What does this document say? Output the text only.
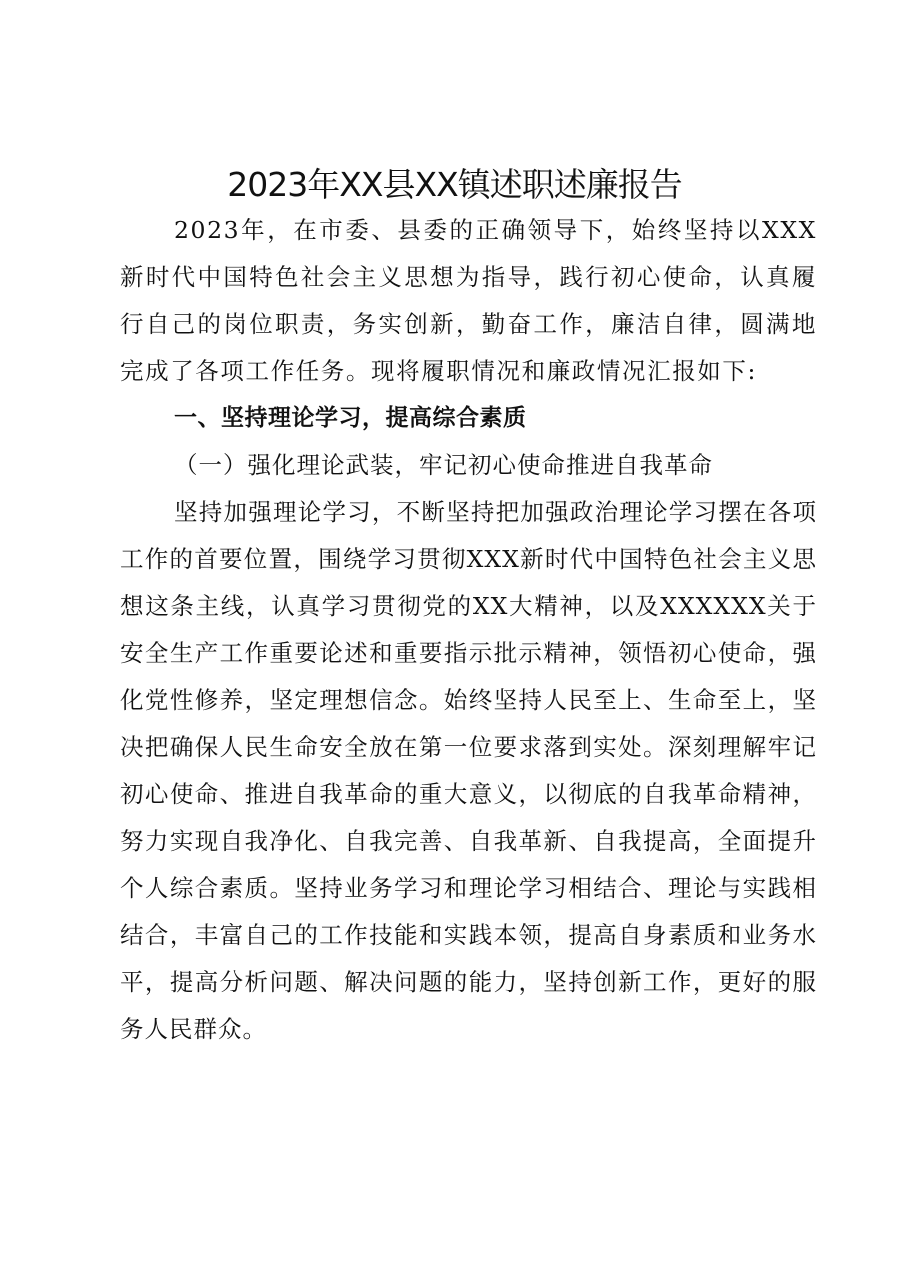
2023年XX县XX镇述职述廉报告

2023年，在市委、县委的正确领导下，始终坚持以XXX新时代中国特色社会主义思想为指导，践行初心使命，认真履行自己的岗位职责，务实创新，勤奋工作，廉洁自律，圆满地完成了各项工作任务。现将履职情况和廉政情况汇报如下:

一、坚持理论学习，提高综合素质

（一）强化理论武装，牢记初心使命推进自我革命

坚持加强理论学习，不断坚持把加强政治理论学习摆在各项工作的首要位置，围绕学习贯彻XXX新时代中国特色社会主义思想这条主线，认真学习贯彻党的XX大精神，以及XXXXXX关于安全生产工作重要论述和重要指示批示精神，领悟初心使命，强化党性修养，坚定理想信念。始终坚持人民至上、生命至上，坚决把确保人民生命安全放在第一位要求落到实处。深刻理解牢记初心使命、推进自我革命的重大意义，以彻底的自我革命精神，努力实现自我净化、自我完善、自我革新、自我提高，全面提升个人综合素质。坚持业务学习和理论学习相结合、理论与实践相结合，丰富自己的工作技能和实践本领，提高自身素质和业务水平，提高分析问题、解决问题的能力，坚持创新工作，更好的服务人民群众。
